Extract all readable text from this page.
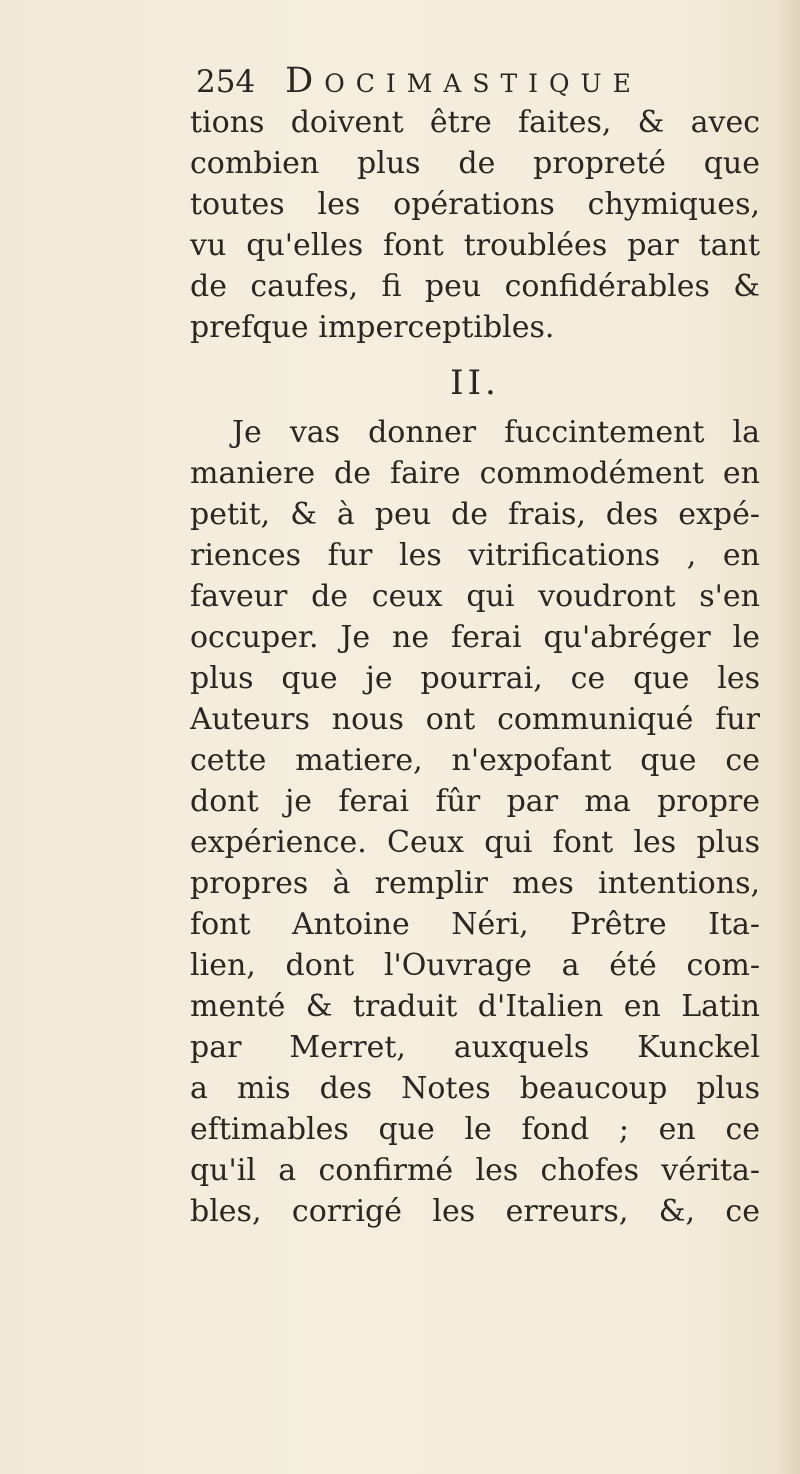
254 Docimastique
tions doivent être faites, & avec
combien plus de propreté que
toutes les opérations chymiques,
vu qu'elles font troublées par tant
de caufes, fi peu confidérables &
prefque imperceptibles.
II.
Je vas donner fuccintement la
maniere de faire commodément en
petit, & à peu de frais, des expé-
riences fur les vitrifications , en
faveur de ceux qui voudront s'en
occuper. Je ne ferai qu'abréger le
plus que je pourrai, ce que les
Auteurs nous ont communiqué fur
cette matiere, n'expofant que ce
dont je ferai fûr par ma propre
expérience. Ceux qui font les plus
propres à remplir mes intentions,
font Antoine Néri, Prêtre Ita-
lien, dont l'Ouvrage a été com-
menté & traduit d'Italien en Latin
par Merret, auxquels Kunckel
a mis des Notes beaucoup plus
eftimables que le fond ; en ce
qu'il a confirmé les chofes vérita-
bles, corrigé les erreurs, &, ce
